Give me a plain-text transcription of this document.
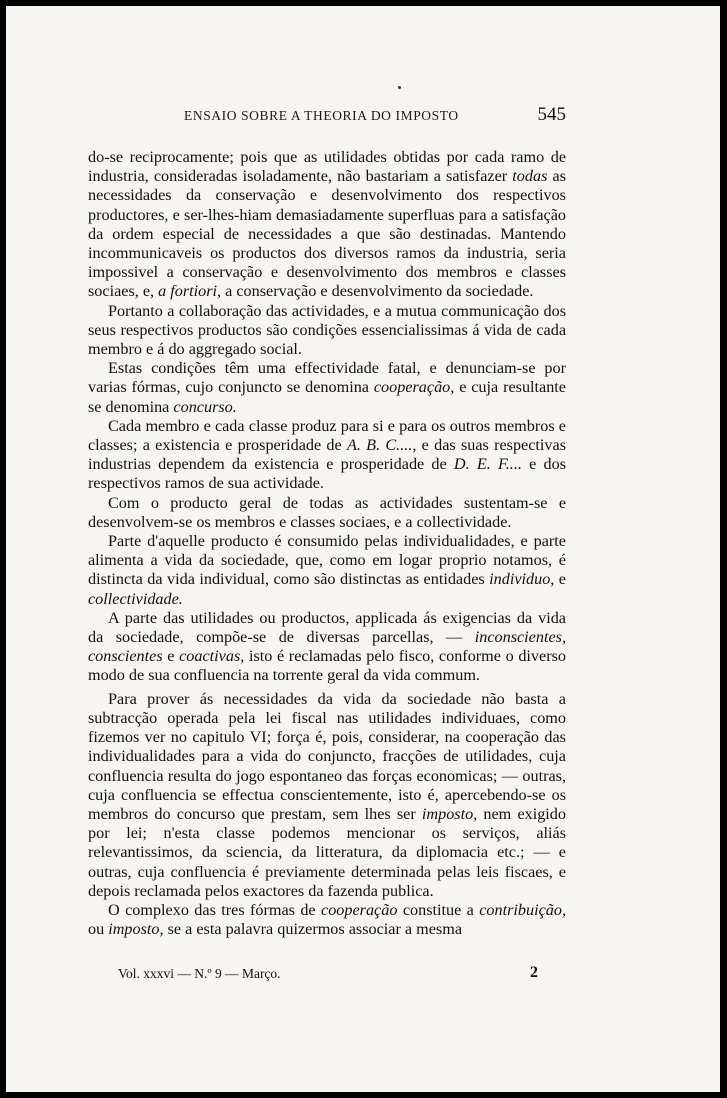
ENSAIO SOBRE A THEORIA DO IMPOSTO	545

do-se reciprocamente; pois que as utilidades obtidas por cada ramo de industria, consideradas isoladamente, não bastariam a satisfazer todas as necessidades da conservação e desenvolvimento dos respectivos productores, e ser-lhes-hiam demasiadamente superfluas para a satisfação da ordem especial de necessidades a que são destinadas. Mantendo incommunicaveis os productos dos diversos ramos da industria, seria impossivel a conservação e desenvolvimento dos membros e classes sociaes, e, a fortiori, a conservação e desenvolvimento da sociedade.

Portanto a collaboração das actividades, e a mutua communicação dos seus respectivos productos são condições essencialissimas á vida de cada membro e á do aggregado social.

Estas condições têm uma effectividade fatal, e denunciam-se por varias fórmas, cujo conjuncto se denomina cooperação, e cuja resultante se denomina concurso.

Cada membro e cada classe produz para si e para os outros membros e classes; a existencia e prosperidade de A. B. C...., e das suas respectivas industrias dependem da existencia e prosperidade de D. E. F.... e dos respectivos ramos de sua actividade.

Com o producto geral de todas as actividades sustentam-se e desenvolvem-se os membros e classes sociaes, e a collectividade.

Parte d'aquelle producto é consumido pelas individualidades, e parte alimenta a vida da sociedade, que, como em logar proprio notamos, é distincta da vida individual, como são distinctas as entidades individuo, e collectividade.

A parte das utilidades ou productos, applicada ás exigencias da vida da sociedade, compõe-se de diversas parcellas, — inconscientes, conscientes e coactivas, isto é reclamadas pelo fisco, conforme o diverso modo de sua confluencia na torrente geral da vida commum.

Para prover ás necessidades da vida da sociedade não basta a subtracção operada pela lei fiscal nas utilidades individuaes, como fizemos ver no capitulo VI; força é, pois, considerar, na cooperação das individualidades para a vida do conjuncto, fracções de utilidades, cuja confluencia resulta do jogo espontaneo das forças economicas; — outras, cuja confluencia se effectua conscientemente, isto é, apercebendo-se os membros do concurso que prestam, sem lhes ser imposto, nem exigido por lei; n'esta classe podemos mencionar os serviços, aliás relevantissimos, da sciencia, da litteratura, da diplomacia etc.; — e outras, cuja confluencia é previamente determinada pelas leis fiscaes, e depois reclamada pelos exactores da fazenda publica.

O complexo das tres fórmas de cooperação constitue a contribuição, ou imposto, se a esta palavra quizermos associar a mesma

Vol. xxxvi — N.º 9 — Março.	2
